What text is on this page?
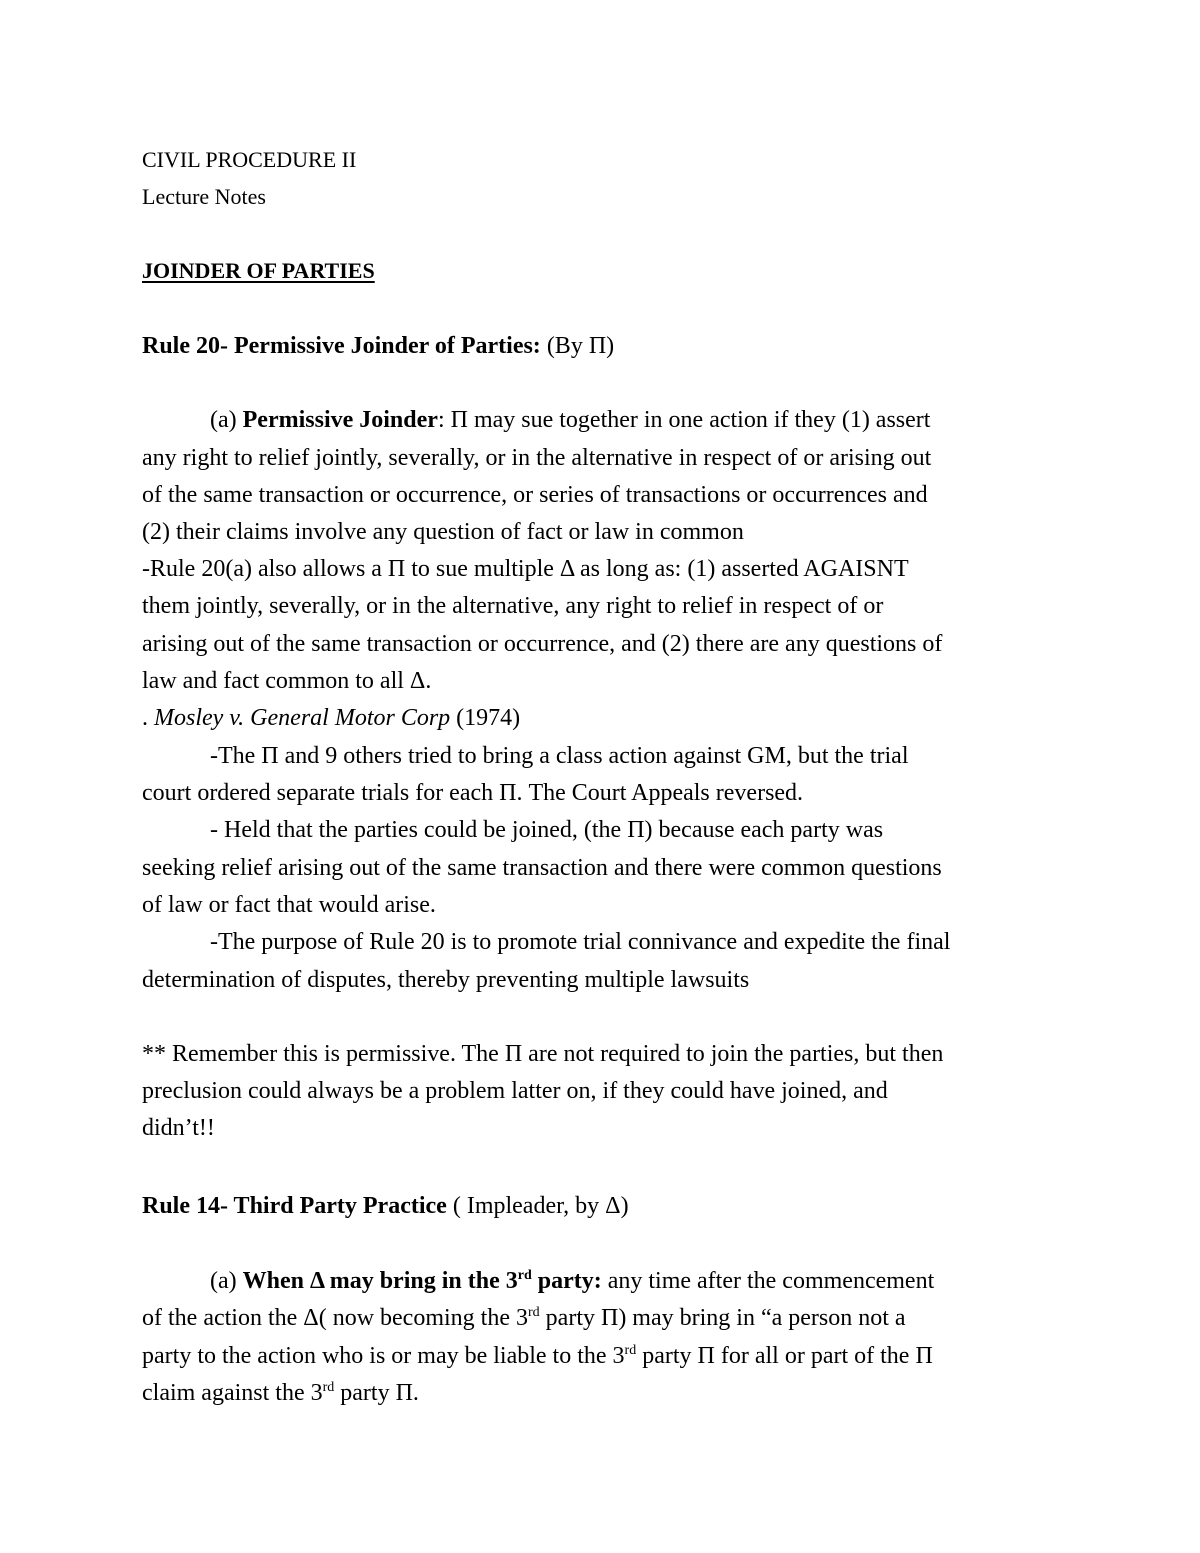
CIVIL PROCEDURE II
Lecture Notes
JOINDER OF PARTIES
Rule 20- Permissive Joinder of Parties: (By Π)
(a) Permissive Joinder: Π may sue together in one action if they (1) assert
any right to relief jointly, severally, or in the alternative in respect of or arising out
of the same transaction or occurrence, or series of transactions or occurrences and
(2) their claims involve any question of fact or law in common
-Rule 20(a) also allows a Π to sue multiple Δ as long as: (1) asserted AGAISNT
them jointly, severally, or in the alternative, any right to relief in respect of or
arising out of the same transaction or occurrence, and (2) there are any questions of
law and fact common to all Δ.
. Mosley v. General Motor Corp (1974)
-The Π and 9 others tried to bring a class action against GM, but the trial
court ordered separate trials for each Π. The Court Appeals reversed.
- Held that the parties could be joined, (the Π) because each party was
seeking relief arising out of the same transaction and there were common questions
of law or fact that would arise.
-The purpose of Rule 20 is to promote trial connivance and expedite the final
determination of disputes, thereby preventing multiple lawsuits
** Remember this is permissive. The Π are not required to join the parties, but then
preclusion could always be a problem latter on, if they could have joined, and
didn’t!!
Rule 14- Third Party Practice ( Impleader, by Δ)
(a) When Δ may bring in the 3rd party: any time after the commencement
of the action the Δ( now becoming the 3rd party Π) may bring in “a person not a
party to the action who is or may be liable to the 3rd party Π for all or part of the Π
claim against the 3rd party Π.
